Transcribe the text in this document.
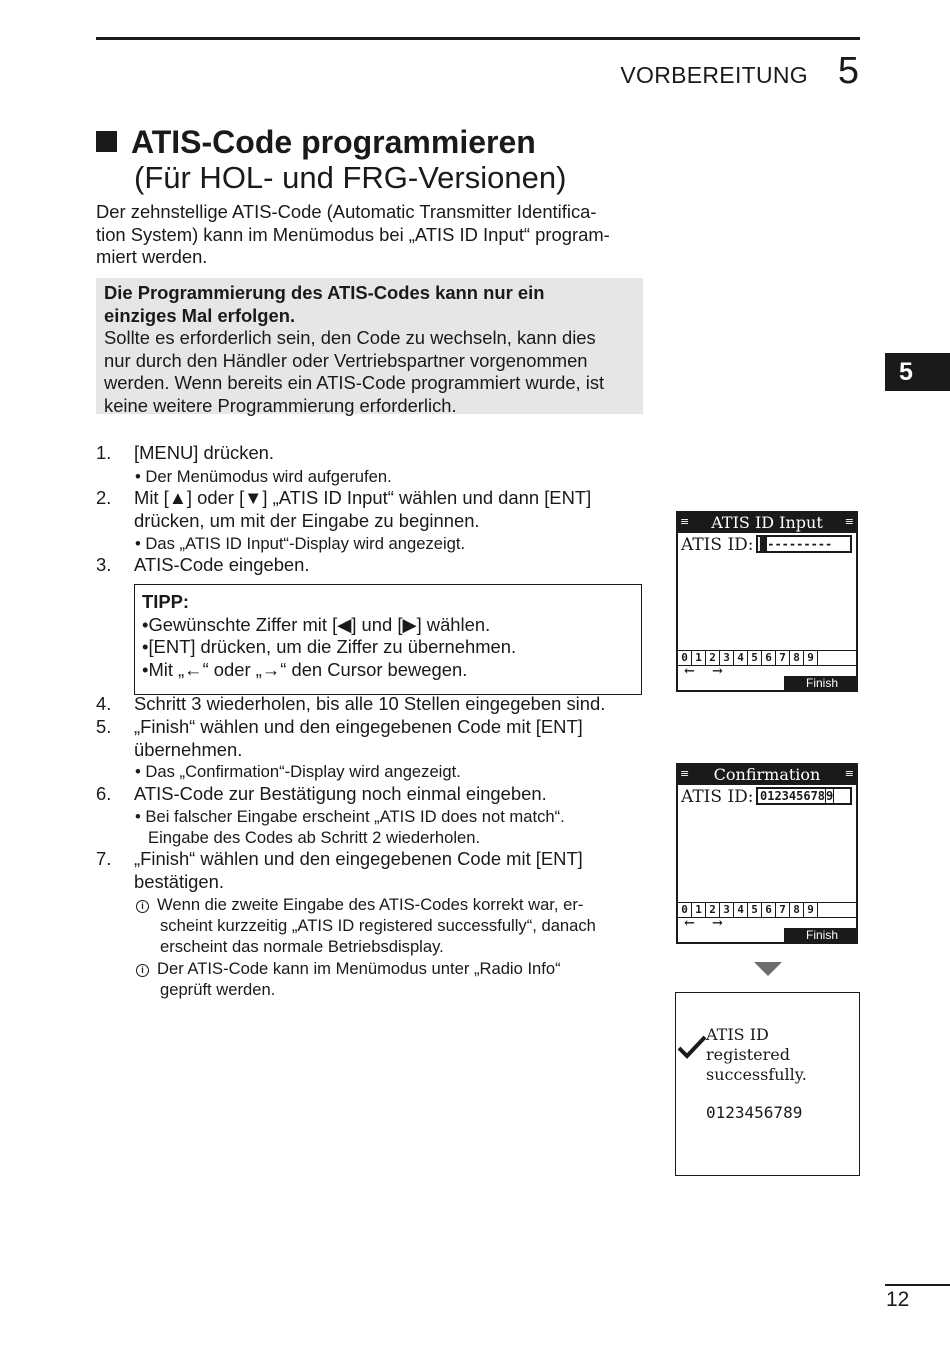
VORBEREITUNG 5
ATIS-Code programmieren
(Für HOL- und FRG-Versionen)
Der zehnstellige ATIS-Code (Automatic Transmitter Identifica-
tion System) kann im Menümodus bei „ATIS ID Input“ program-
miert werden.
Die Programmierung des ATIS-Codes kann nur ein
einziges Mal erfolgen.
Sollte es erforderlich sein, den Code zu wechseln, kann dies
nur durch den Händler oder Vertriebspartner vorgenommen
werden. Wenn bereits ein ATIS-Code programmiert wurde, ist
keine weitere Programmierung erforderlich.
5
1. [MENU] drücken.
• Der Menümodus wird aufgerufen.
2. Mit [▲] oder [▼] „ATIS ID Input“ wählen und dann [ENT]
drücken, um mit der Eingabe zu beginnen.
• Das „ATIS ID Input“-Display wird angezeigt.
3. ATIS-Code eingeben.
TIPP:
•Gewünschte Ziffer mit [◀] und [▶] wählen.
•[ENT] drücken, um die Ziffer zu übernehmen.
•Mit „←“ oder „→“ den Cursor bewegen.
4. Schritt 3 wiederholen, bis alle 10 Stellen eingegeben sind.
5. „Finish“ wählen und den eingegebenen Code mit [ENT]
übernehmen.
• Das „Confirmation“-Display wird angezeigt.
6. ATIS-Code zur Bestätigung noch einmal eingeben.
• Bei falscher Eingabe erscheint „ATIS ID does not match“.
Eingabe des Codes ab Schritt 2 wiederholen.
7. „Finish“ wählen und den eingegebenen Code mit [ENT]
bestätigen.
i Wenn die zweite Eingabe des ATIS-Codes korrekt war, er-
scheint kurzzeitig „ATIS ID registered successfully“, danach
erscheint das normale Betriebsdisplay.
i Der ATIS-Code kann im Menümodus unter „Radio Info“
geprüft werden.
≡ ATIS ID Input ≡
ATIS ID: ▌---------
0 1 2 3 4 5 6 7 8 9
← →
Finish
≡ Confirmation ≡
ATIS ID: 0123456789
0 1 2 3 4 5 6 7 8 9
← →
Finish
ATIS ID
registered
successfully.
0123456789
12
